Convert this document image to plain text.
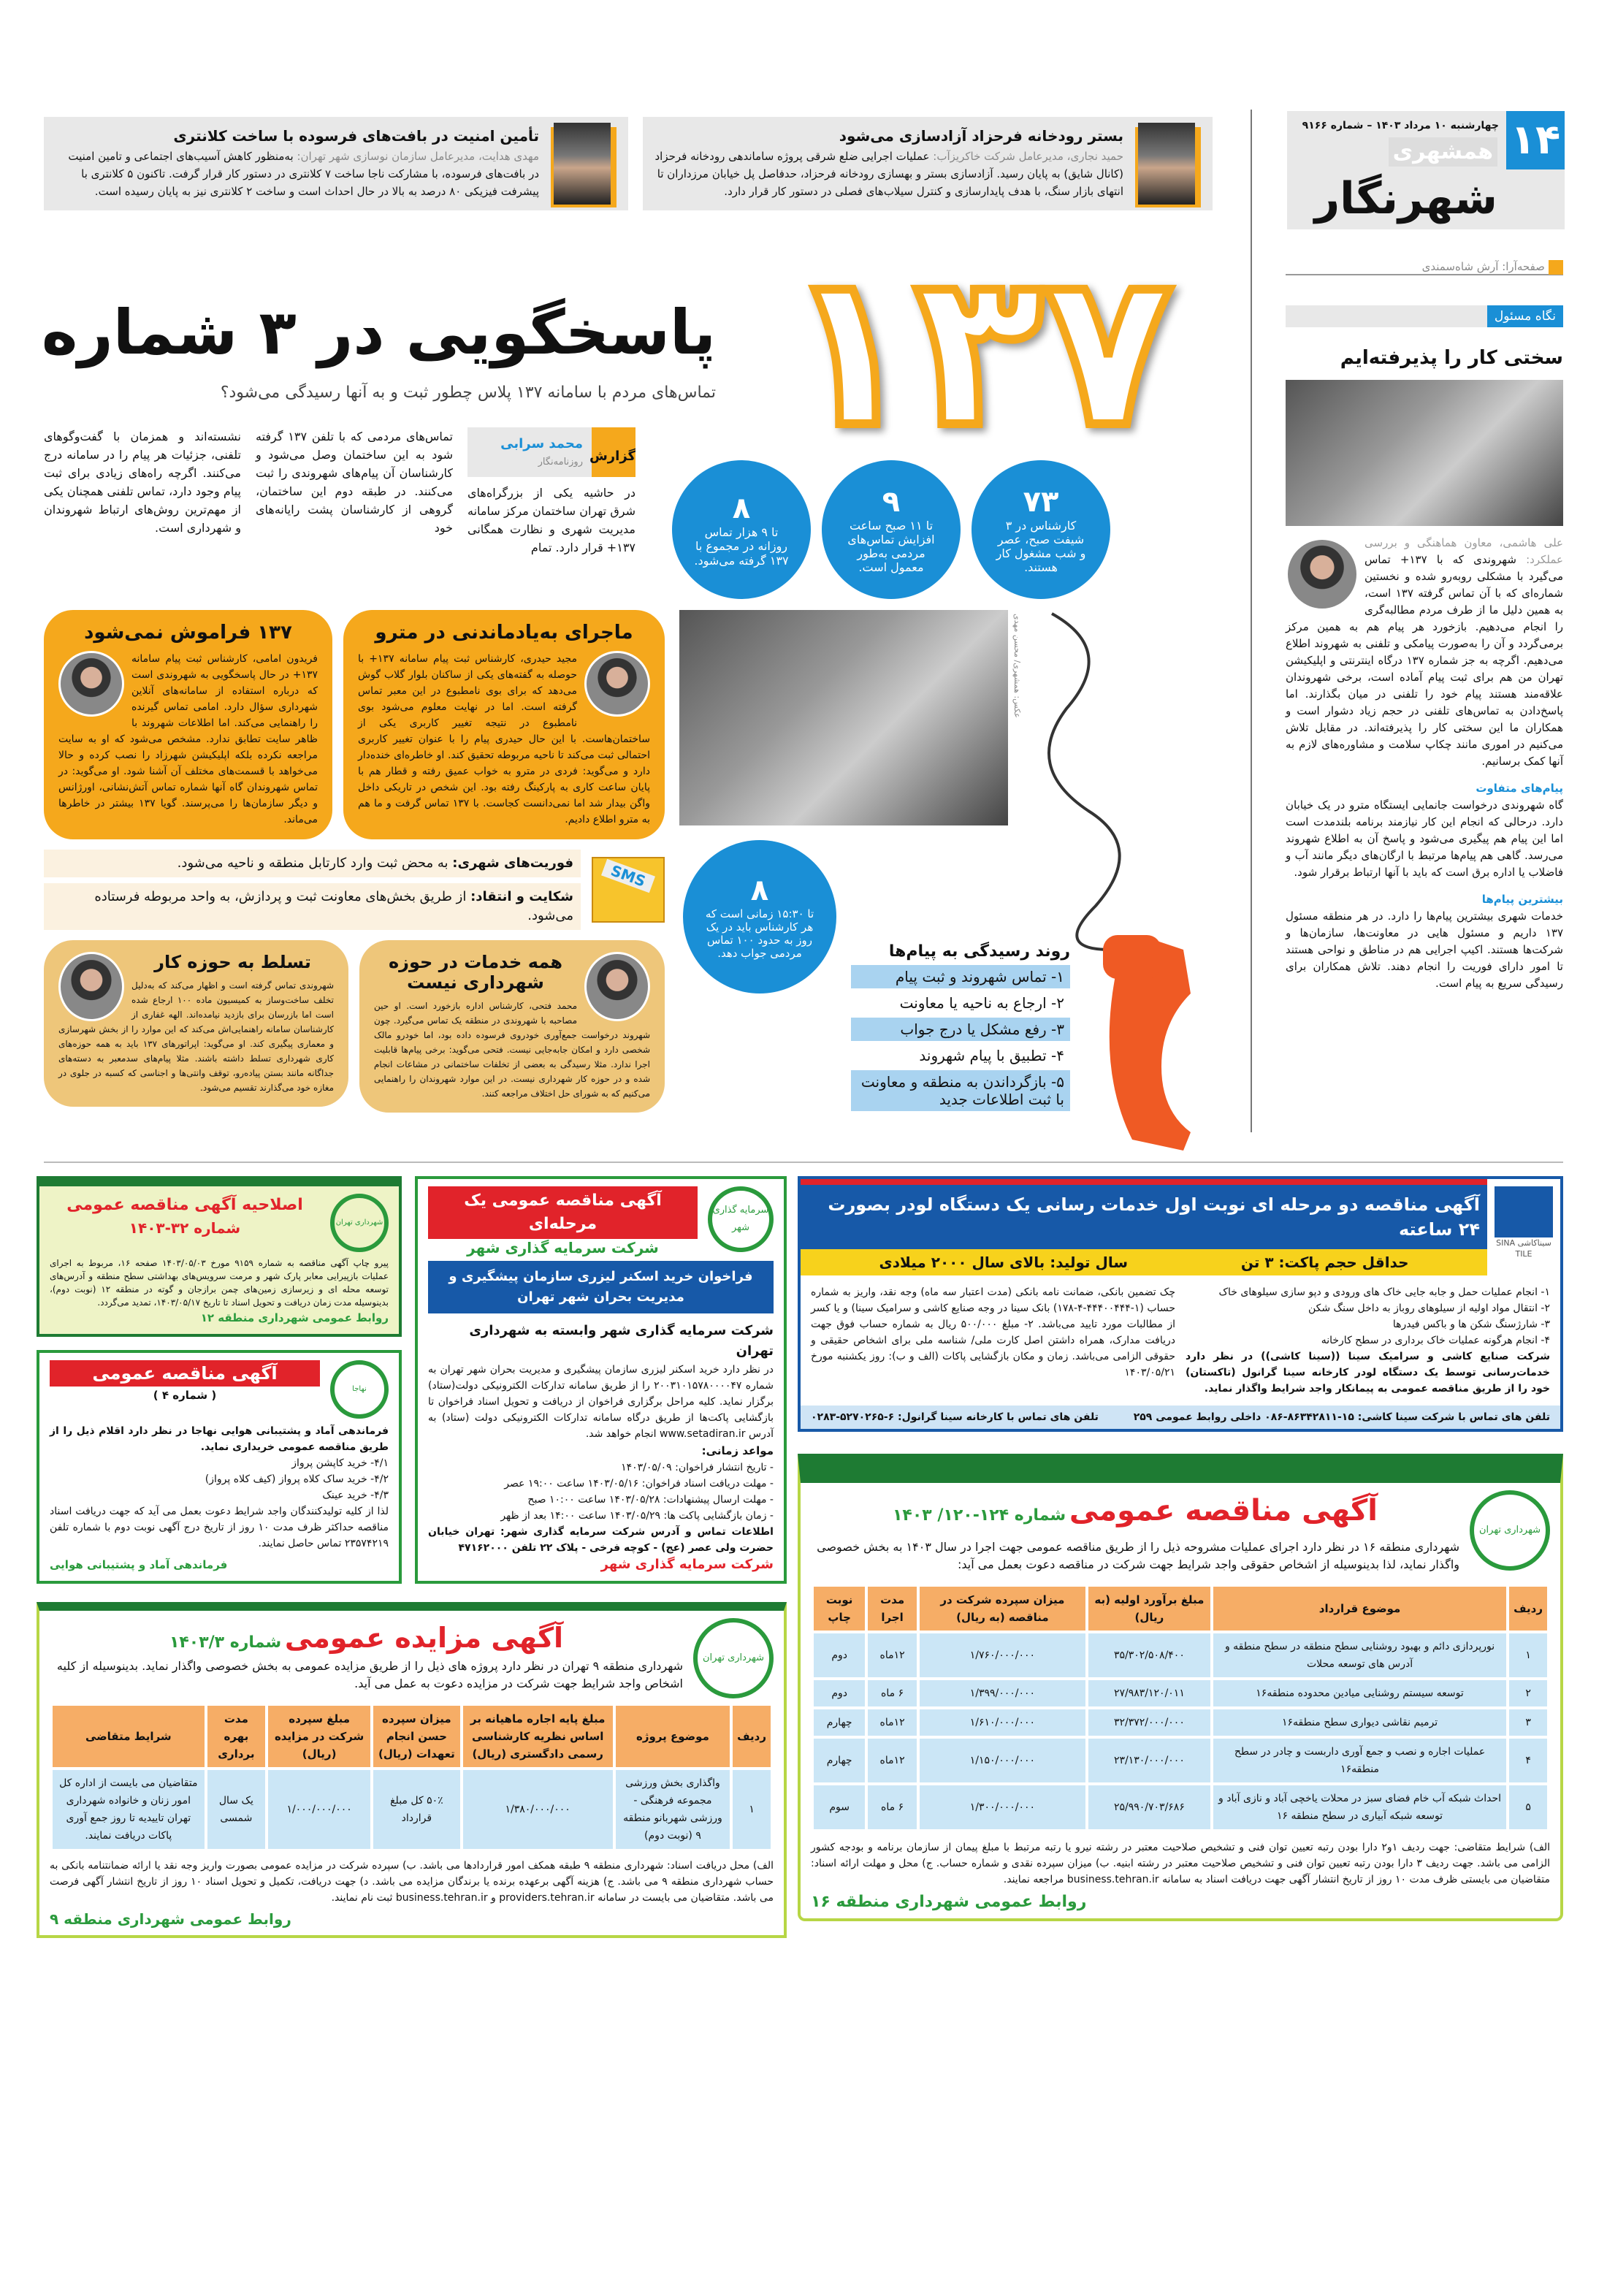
۱۴
چهارشنبه ۱۰ مرداد ۱۴۰۳ – شماره ۹۱۶۶
همشهری
شهرنگار
صفحه‌آرا: آرش شاه‌سمندی
بستر رودخانه فرحزاد آزادسازی می‌شود

حمید نجاری، مدیرعامل شرکت خاکریزآب: عملیات اجرایی ضلع شرقی پروژه ساماندهی رودخانه فرحزاد (کانال شایق) به پایان رسید. آزادسازی بستر و بهسازی رودخانه فرحزاد، حدفاصل پل خیابان مرزداران تا انتهای بازار سنگ، با هدف پایدارسازی و کنترل سیلاب‌های فصلی در دستور کار قرار دارد.

تأمین امنیت در بافت‌های فرسوده با ساخت کلانتری

مهدی هدایت، مدیرعامل سازمان نوسازی شهر تهران: به‌منظور کاهش آسیب‌های اجتماعی و تامین امنیت در بافت‌های فرسوده، با مشارکت ناجا ساخت ۷ کلانتری در دستور کار قرار گرفت. تاکنون ۵ کلانتری با پیشرفت فیزیکی ۸۰ درصد به بالا در حال احداث است و ساخت ۲ کلانتری نیز به پایان رسیده است.

۱۳۷
پاسخگویی در ۳ شماره
تماس‌های مردم با سامانه ۱۳۷ پلاس چطور ثبت و به آنها رسیدگی می‌شود؟
گزارش
محمد سرابی
روزنامه‌نگار

در حاشیه یکی از بزرگراه‌های شرق تهران ساختمان مرکز سامانه مدیریت شهری و نظارت همگانی ۱۳۷+ قرار دارد. تمام

تماس‌های مردمی که با تلفن ۱۳۷ گرفته شود به این ساختمان وصل می‌شود و کارشناسان آن پیام‌های شهروندی را ثبت می‌کنند. در طبقه دوم این ساختمان، گروهی از کارشناسان پشت رایانه‌های خود

نشسته‌اند و همزمان با گفت‌وگوهای تلفنی، جزئیات هر پیام را در سامانه درج می‌کنند. اگرچه راه‌های زیادی برای ثبت پیام وجود دارد، تماس تلفنی همچنان یکی از مهم‌ترین روش‌های ارتباط شهروندان و شهرداری است.

۷۳
کارشناس در ۳ شیفت صبح، عصر و شب مشغول کار هستند.
۹
تا ۱۱ صبح ساعت افزایش تماس‌های مردمی به‌طور معمول است.
۸
تا ۹ هزار تماس روزانه در مجموع با ۱۳۷ گرفته می‌شود.
عکس: همشهری/ محسن مهدی
ماجرای به‌یادماندنی در مترو

مجید حیدری، کارشناس ثبت پیام سامانه ۱۳۷+ با حوصله به گفته‌های یکی از ساکنان بلوار گلاب گوش می‌دهد که برای بوی نامطبوع در این معبر تماس گرفته است. اما در نهایت معلوم می‌شود بوی نامطبوع در نتیجه تغییر کاربری یکی از ساختمان‌هاست. با این حال حیدری پیام را با عنوان تغییر کاربری احتمالی ثبت می‌کند تا ناحیه مربوطه تحقیق کند. او خاطره‌ای خنده‌دار دارد و می‌گوید: فردی در مترو به خواب عمیق رفته و قطار هم با پایان ساعت کاری به پارکینگ رفته بود. این شخص در تاریکی داخل واگن بیدار شد اما نمی‌دانست کجاست. با ۱۳۷ تماس گرفت و ما هم به مترو اطلاع دادیم.

۱۳۷ فراموش نمی‌شود

فریدون امامی، کارشناس ثبت پیام سامانه ۱۳۷+ در حال پاسخگویی به شهروندی است که درباره استفاده از سامانه‌های آنلاین شهرداری سؤال دارد. امامی تماس گیرنده را راهنمایی می‌کند. اما اطلاعات شهروند با ظاهر سایت تطابق ندارد. مشخص می‌شود که او به سایت مراجعه نکرده بلکه اپلیکیشن شهرزاد را نصب کرده و حالا می‌خواهد با قسمت‌های مختلف آن آشنا شود. او می‌گوید: در تماس شهروندان گاه آنها شماره تماس آتش‌نشانی، اورژانس و دیگر سازمان‌ها را می‌پرسند. گویا ۱۳۷ بیشتر در خاطرها می‌ماند.

SMS
فوریت‌های شهری: به محض ثبت وارد کارتابل منطقه و ناحیه می‌شود.
شکایت و انتقاد: از طریق بخش‌های معاونت ثبت و پردازش، به واحد مربوطه فرستاده می‌شود.
همه خدمات در حوزه شهرداری نیست

محمد فتحی، کارشناس اداره بازخورد است. او حین مصاحبه با شهروندی در منطقه یک تماس می‌گیرد. چون شهروند درخواست جمع‌آوری خودروی فرسوده داده بود، اما خودرو مالک شخصی دارد و امکان جابه‌جایی نیست. فتحی می‌گوید: برخی پیام‌ها قابلیت اجرا ندارد. مثلا رسیدگی به بعضی از تخلفات ساختمانی در مشاعات انجام شده و در حوزه کار شهرداری نیست. در این موارد شهروندان را راهنمایی می‌کنیم که به شورای حل اختلاف مراجعه کنند.

تسلط به حوزه کار

شهروندی تماس گرفته است و اظهار می‌کند که به‌دلیل تخلف ساخت‌وساز به کمیسیون ماده ۱۰۰ ارجاع شده است اما بازرسان برای بازدید نیامده‌اند. الهه غفاری از کارشناسان سامانه راهنمایی‌اش می‌کند که این موارد را از بخش شهرسازی و معماری پیگیری کند. او می‌گوید: اپراتورهای ۱۳۷ باید به همه حوزه‌های کاری شهرداری تسلط داشته باشند. مثلا پیام‌های سدمعبر به دسته‌های جداگانه مانند بستن پیاده‌رو، توقف وانتی‌ها و اجناسی که کسبه در جلوی در مغازه خود می‌گذارند تقسیم می‌شود.

۸
تا ۱۵:۳۰ زمانی است که هر کارشناس باید در یک روز به حدود ۱۰۰ تماس مردمی جواب دهد.	روند رسیدگی به پیام‌ها
۱- تماس شهروند و ثبت پیام
۲- ارجاع به ناحیه یا معاونت
۳- رفع مشکل یا درج جواب
۴- تطبیق با پیام شهروند
۵- بازگرداندن به منطقه و معاونت با ثبت اطلاعات جدید
نگاه مسئول
سختی کار را پذیرفته‌ایم
علی هاشمی، معاون هماهنگی و بررسی عملکرد: شهروندی که با ۱۳۷+ تماس می‌گیرد با مشکلی روبه‌رو شده و نخستین شماره‌ای که با آن تماس گرفته ۱۳۷ است، به همین دلیل ما از طرف مردم مطالبه‌گری را انجام می‌دهیم. بازخورد هر پیام هم به همین مرکز برمی‌گردد و آن را به‌صورت پیامکی و تلفنی به شهروند اطلاع می‌دهیم. اگرچه به جز شماره ۱۳۷ درگاه اینترنتی و اپلیکیشن تهران من هم برای ثبت پیام آماده است، برخی شهروندان علاقه‌مند هستند پیام خود را تلفنی در میان بگذارند. اما پاسخ‌دادن به تماس‌های تلفنی در حجم زیاد دشوار است و همکاران ما این سختی کار را پذیرفته‌اند. در مقابل تلاش می‌کنیم در اموری مانند چکاپ سلامت و مشاوره‌های لازم به آنها کمک برسانیم.
پیام‌های متفاوت
گاه شهروندی درخواست جانمایی ایستگاه مترو در یک خیابان دارد. درحالی که انجام این کار نیازمند برنامه بلندمدت است اما این پیام هم پیگیری می‌شود و پاسخ آن به اطلاع شهروند می‌رسد. گاهی هم پیام‌ها مرتبط با ارگان‌های دیگر مانند آب و فاضلاب یا اداره برق است که باید با آنها ارتباط برقرار شود.
بیشترین پیام‌ها
خدمات شهری بیشترین پیام‌ها را دارد. در هر منطقه مسئول ۱۳۷ داریم و مسئول هایی در معاونت‌ها، سازمان‌ها و شرکت‌ها هستند. اکیپ اجرایی هم در مناطق و نواحی هستند تا امور دارای فوریت را انجام دهند. تلاش همکاران برای رسیدگی سریع به پیام است.
سیناکاشی SINA TILE
آگهی مناقصه دو مرحله ای نوبت اول خدمات رسانی یک دستگاه لودر بصورت ۲۴ ساعته
حداقل حجم پاکت: ۳ تن
سال تولید: بالای سال ۲۰۰۰ میلادی
۱- انجام عملیات حمل و جابه جایی خاک های ورودی و دپو سازی سیلوهای خاک
۲- انتقال مواد اولیه از سیلوهای روباز به داخل سنگ شکن
۳- شارژسنگ شکن ها و باکس فیدرها
۴- انجام هرگونه عملیات خاک برداری در سطح کارخانه
شرکت صنایع کاشی و سرامیک سینا ((سینا کاشی)) در نظر دارد خدمات‌رسانی توسط یک دستگاه لودر کارخانه سینا گرانول (تاکستان) خود را از طریق مناقصه عمومی به پیمانکار واجد شرایط واگذار نماید.
چک تضمین بانکی، ضمانت نامه بانکی (مدت اعتبار سه ماه) وجه نقد، واریز به شماره حساب (۱-۴۴۴۰۰۴۴۴-۴-۱۷۸) بانک سینا در وجه صنایع کاشی و سرامیک سینا) و یا کسر از مطالبات مورد تایید می‌باشد. ۲- مبلغ ۵۰۰/۰۰۰ ریال به شماره حساب فوق جهت دریافت مدارک، همراه داشتن اصل کارت ملی/ شناسه ملی برای اشخاص حقیقی و حقوقی الزامی می‌باشد. زمان و مکان بازگشایی پاکات (الف و ب): روز یکشنبه مورخ ۱۴۰۳/۰۵/۲۱
تلفن های تماس با شرکت سینا کاشی: ۱۵-۸۶۳۴۲۸۱۱-۰۸۶ داخلی روابط عمومی ۲۵۹
تلفن های تماس با کارخانه سینا گرانول: ۶-۵۲۷۰۲۶۵-۰۲۸۳
شهرداری تهران
آگهی مناقصه عمومی شماره ۱۲۴-۱۲۰/ ۱۴۰۳

شهرداری منطقه ۱۶ در نظر دارد اجرای عملیات مشروحه ذیل را از طریق مناقصه عمومی جهت اجرا در سال ۱۴۰۳ به بخش خصوصی واگذار نماید، لذا بدینوسیله از اشخاص حقوقی واجد شرایط جهت شرکت در مناقصه دعوت بعمل می آید:

ردیف	موضوع قرارداد	مبلغ برآورد اولیه (به ریال)	میزان سپرده شرکت در مناقصه (به ریال)	مدت اجرا	نوبت چاپ
۱	نورپردازی دائم و بهبود روشنایی سطح منطقه در سطح منطقه و آدرس های توسعه محلات	۳۵/۳۰۲/۵۰۸/۴۰۰	۱/۷۶۰/۰۰۰/۰۰۰	۱۲ماه	دوم
۲	توسعه سیستم روشنایی میادین محدوده منطقه۱۶	۲۷/۹۸۳/۱۲۰/۰۱۱	۱/۳۹۹/۰۰۰/۰۰۰	۶ ماه	دوم
۳	ترمیم نقاشی دیواری سطح منطقه۱۶	۳۲/۳۷۲/۰۰۰/۰۰۰	۱/۶۱۰/۰۰۰/۰۰۰	۱۲ماه	چهارم
۴	عملیات اجاره و نصب و جمع آوری داربست و چادر در سطح منطقه۱۶	۲۳/۱۳۰/۰۰۰/۰۰۰	۱/۱۵۰/۰۰۰/۰۰۰	۱۲ماه	چهارم
۵	احداث شبکه آب خام فضای سبز در محلات یاخچی آباد و نازی آباد و توسعه شبکه آبیاری در سطح منطقه ۱۶	۲۵/۹۹۰/۷۰۳/۶۸۶	۱/۳۰۰/۰۰۰/۰۰۰	۶ ماه	سوم

الف) شرایط متقاضی: جهت ردیف ۱و۲ دارا بودن رتبه تعیین توان فنی و تشخیص صلاحیت معتبر در رشته نیرو یا رتبه مرتبط با مبلغ پیمان از سازمان برنامه و بودجه کشور الزامی می باشد. جهت ردیف ۳ دارا بودن رتبه تعیین توان فنی و تشخیص صلاحیت معتبر در رشته ابنیه. ب) میزان سپرده نقدی و شماره حساب. ج) محل و مهلت ارائه اسناد: متقاضیان می بایستی ظرف مدت ۱۰ روز از تاریخ انتشار آگهی جهت دریافت اسناد به سامانه business.tehran.ir مراجعه نمایند.

روابط عمومی شهرداری منطقه ۱۶
سرمایه گذاری شهر
آگهی مناقصه عمومی یک مرحله‌ای
شرکت سرمایه گذاری شهر
فراخوان خرید اسکنر لیزری سازمان پیشگیری و مدیریت بحران شهر تهران
شرکت سرمایه گذاری شهر وابسته به شهرداری تهران

در نظر دارد خرید اسکنر لیزری سازمان پیشگیری و مدیریت بحران شهر تهران به شماره ۲۰۰۳۱۰۱۵۷۸۰۰۰۰۴۷ را از طریق سامانه تدارکات الکترونیکی دولت(ستاد) برگزار نماید. کلیه مراحل برگزاری فراخوان از دریافت و تحویل اسناد فراخوان تا بازگشایی پاکت‌ها از طریق درگاه سامانه تدارکات الکترونیکی دولت (ستاد) به آدرس www.setadiran.ir انجام خواهد شد.

مواعد زمانی:
- تاریخ انتشار فراخوان: ۱۴۰۳/۰۵/۰۹
- مهلت دریافت اسناد فراخوان: ۱۴۰۳/۰۵/۱۶ ساعت ۱۹:۰۰ عصر
- مهلت ارسال پیشنهادات: ۱۴۰۳/۰۵/۲۸ ساعت ۱۰:۰۰ صبح
- زمان بازگشایی پاکت ها: ۱۴۰۳/۰۵/۲۹ ساعت ۱۴:۰۰ بعد از ظهر

اطلاعات تماس و آدرس شرکت سرمایه گذاری شهر: تهران خیابان حضرت ولی عصر (عج) - کوچه فرخی - پلاک ۲۲ تلفن ۴۷۱۶۲۰۰۰

شرکت سرمایه گذاری شهر
شهرداری تهران
اصلاحیه آگهی مناقصه عمومی
شماره ۳۲-۱۴۰۳

پیرو چاپ آگهی مناقصه به شماره ۹۱۵۹ مورخ ۱۴۰۳/۰۵/۰۳ صفحه ۱۶، مربوط به اجرای عملیات بازپیرایی معابر پارک شهر و مرمت سرویس‌های بهداشتی سطح منطقه و آدرس‌های توسعه محله ای و زیرسازی زمین‌های چمن برازجان و گوته در منطقه ۱۲ (نوبت دوم)، بدینوسیله مدت زمان دریافت و تحویل اسناد تا تاریخ ۱۴۰۳/۰۵/۱۷، تمدید می‌گردد.

روابط عمومی شهرداری منطقه ۱۲
نهاجا
آگهی مناقصه عمومی
( شماره ۴ )

فرماندهی آماد و پشتیبانی هوایی نهاجا در نظر دارد اقلام ذیل را از طریق مناقصه عمومی خریداری نماید.

۴/۱- خرید کاپشن پرواز
۴/۲- خرید ساک کلاه پرواز (کیف کلاه پرواز)
۴/۳- خرید عینک

لذا از کلیه تولیدکنندگان واجد شرایط دعوت بعمل می آید که جهت دریافت اسناد مناقصه حداکثر ظرف مدت ۱۰ روز از تاریخ درج آگهی نوبت دوم با شماره تلفن ۲۳۵۷۴۲۱۹ تماس حاصل نمایند.

فرماندهی آماد و پشتیبانی هوایی
شهرداری تهران
آگهی مزایده عمومی شماره ۱۴۰۳/۳

شهرداری منطقه ۹ تهران در نظر دارد پروژه های ذیل را از طریق مزایده عمومی به بخش خصوصی واگذار نماید. بدینوسیله از کلیه اشخاص واجد شرایط جهت شرکت در مزایده دعوت به عمل می آید.

ردیف	موضوع پروژه	مبلغ پایه اجاره ماهیانه بر اساس نظریه کارشناسی رسمی دادگستری (ریال)	میزان سپرده حسن انجام تعهدات (ریال)	مبلغ سپرده شرکت در مزایده (ریال)	مدت بهره برداری	شرایط متقاضی
۱	واگذاری بخش ورزشی مجموعه فرهنگی - ورزشی شهربانو منطقه ۹ (نوبت دوم)	۱/۳۸۰/۰۰۰/۰۰۰	۵۰٪ کل مبلغ قرارداد	۱/۰۰۰/۰۰۰/۰۰۰	یک سال شمسی	متقاضیان می بایست از اداره کل امور زنان و خانواده شهرداری تهران تاییدیه تا روز جمع آوری پاکات دریافت نمایند.

الف) محل دریافت اسناد: شهرداری منطقه ۹ طبقه همکف امور قراردادها می باشد. ب) سپرده شرکت در مزایده عمومی بصورت واریز وجه نقد یا ارائه ضمانتنامه بانکی به حساب شهرداری منطقه ۹ می باشد. ج) هزینه آگهی برعهده برنده یا برندگان مزایده می باشد. د) جهت دریافت، تکمیل و تحویل اسناد ۱۰ روز از تاریخ انتشار آگهی فرصت می باشد. متقاضیان می بایست در سامانه providers.tehran.ir و business.tehran.ir ثبت نام نمایند.

روابط عمومی شهرداری منطقه ۹
